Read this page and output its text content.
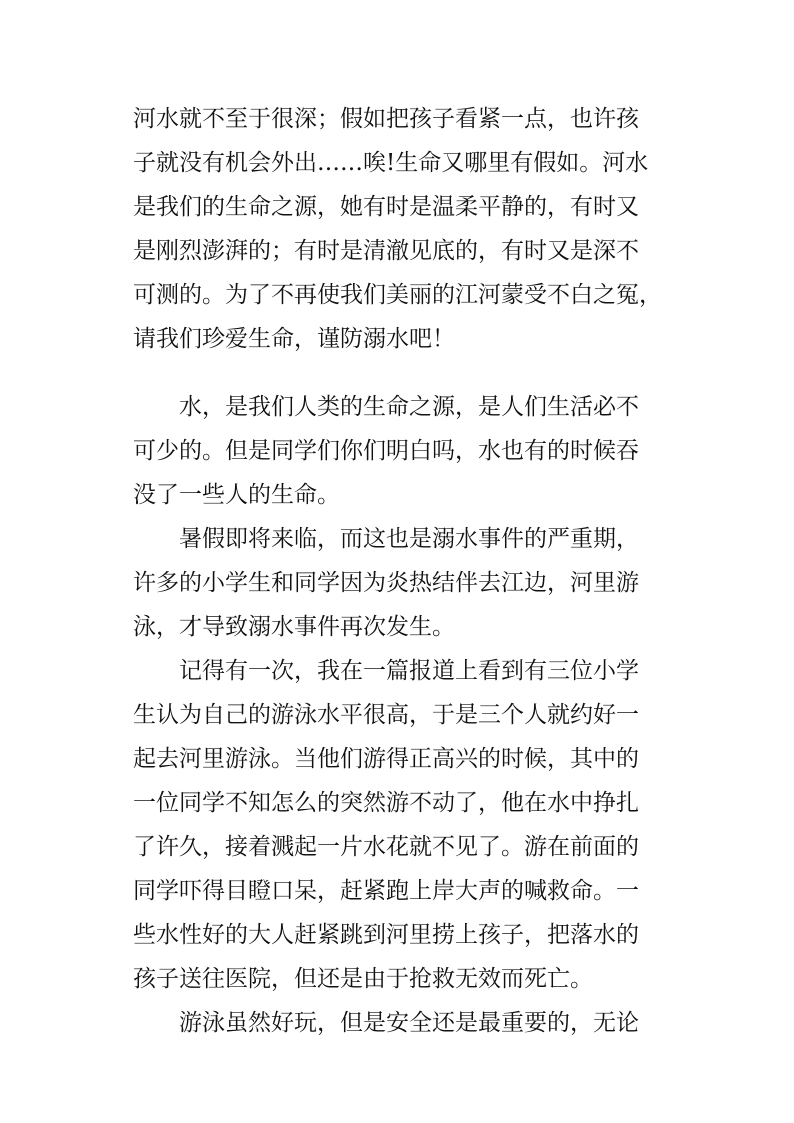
河水就不至于很深；假如把孩子看紧一点，也许孩
子就没有机会外出……唉!生命又哪里有假如。河水
是我们的生命之源，她有时是温柔平静的，有时又
是刚烈澎湃的；有时是清澈见底的，有时又是深不
可测的。为了不再使我们美丽的江河蒙受不白之冤，
请我们珍爱生命，谨防溺水吧！
　　水，是我们人类的生命之源，是人们生活必不
可少的。但是同学们你们明白吗，水也有的时候吞
没了一些人的生命。
　　暑假即将来临，而这也是溺水事件的严重期，
许多的小学生和同学因为炎热结伴去江边，河里游
泳，才导致溺水事件再次发生。
　　记得有一次，我在一篇报道上看到有三位小学
生认为自己的游泳水平很高，于是三个人就约好一
起去河里游泳。当他们游得正高兴的时候，其中的
一位同学不知怎么的突然游不动了，他在水中挣扎
了许久，接着溅起一片水花就不见了。游在前面的
同学吓得目瞪口呆，赶紧跑上岸大声的喊救命。一
些水性好的大人赶紧跳到河里捞上孩子，把落水的
孩子送往医院，但还是由于抢救无效而死亡。
　　游泳虽然好玩，但是安全还是最重要的，无论
